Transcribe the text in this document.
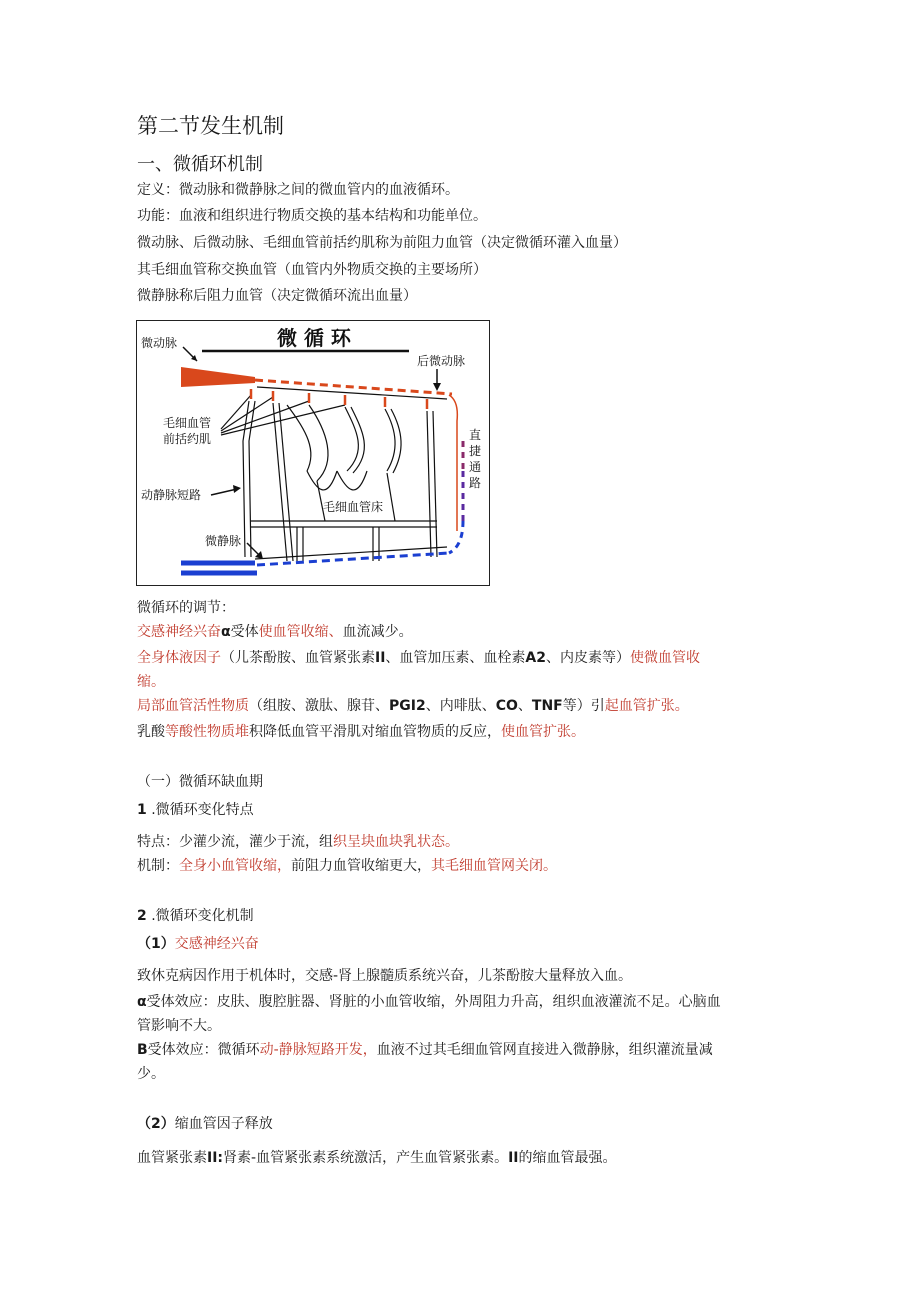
第二节发生机制
一、微循环机制
定义：微动脉和微静脉之间的微血管内的血液循环。
功能：血液和组织进行物质交换的基本结构和功能单位。
微动脉、后微动脉、毛细血管前括约肌称为前阻力血管（决定微循环灌入血量）
其毛细血管称交换血管（血管内外物质交换的主要场所）
微静脉称后阻力血管（决定微循环流出血量）
微 循 环
微动脉
后微动脉
直
捷
通
路
毛细血管
前括约肌
毛细血管床
动静脉短路
微静脉
微循环的调节：
交感神经兴奋α受体使血管收缩、血流减少。
全身体液因子（儿茶酚胺、血管紧张素II、血管加压素、血栓素A2、内皮素等）使微血管收
缩。
局部血管活性物质（组胺、激肽、腺苷、PGI2、内啡肽、CO、TNF等）引起血管扩张。
乳酸等酸性物质堆积降低血管平滑肌对缩血管物质的反应，使血管扩张。
（一）微循环缺血期
1 .微循环变化特点
特点：少灌少流，灌少于流，组织呈块血块乳状态。
机制：全身小血管收缩，前阻力血管收缩更大，其毛细血管网关闭。
2 .微循环变化机制
（1）交感神经兴奋
致休克病因作用于机体时，交感-肾上腺髓质系统兴奋，儿茶酚胺大量释放入血。
α受体效应：皮肤、腹腔脏器、肾脏的小血管收缩，外周阻力升高，组织血液灌流不足。心脑血
管影响不大。
B受体效应：微循环动-静脉短路开发，血液不过其毛细血管网直接进入微静脉，组织灌流量减
少。
（2）缩血管因子释放
血管紧张素II:肾素-血管紧张素系统激活，产生血管紧张素。II的缩血管最强。
